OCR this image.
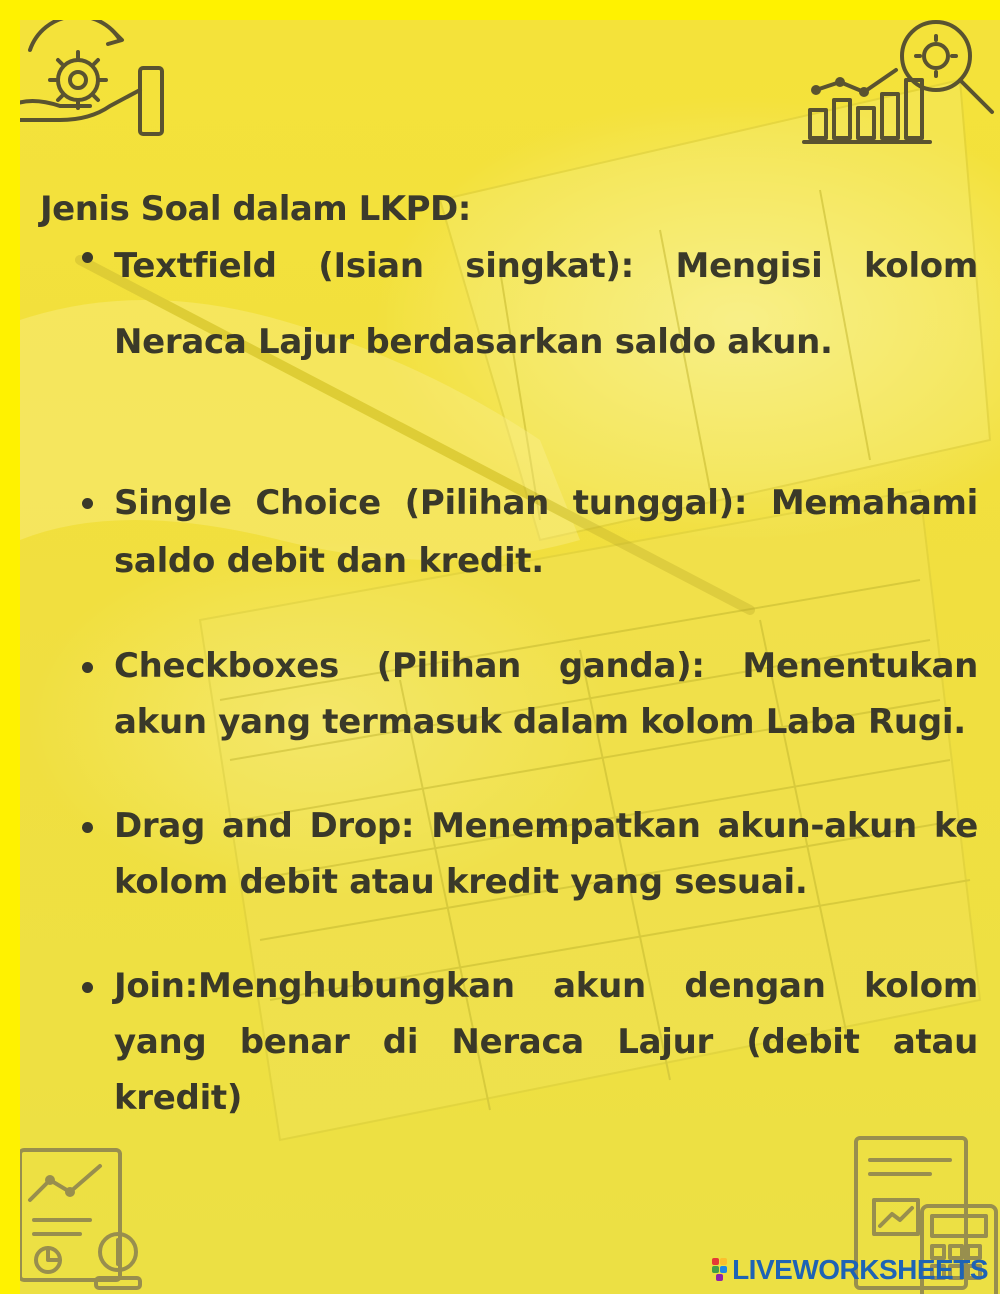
Jenis Soal dalam LKPD:
Textfield (Isian singkat): Mengisi kolom Neraca Lajur berdasarkan saldo akun.
Single Choice (Pilihan tunggal): Memahami saldo debit dan kredit.
Checkboxes (Pilihan ganda): Menentukan akun yang termasuk dalam kolom Laba Rugi.
Drag and Drop: Menempatkan akun-akun ke kolom debit atau kredit yang sesuai.
Join:Menghubungkan akun dengan kolom yang benar di Neraca Lajur (debit atau kredit)
LIVEWORKSHEETS
